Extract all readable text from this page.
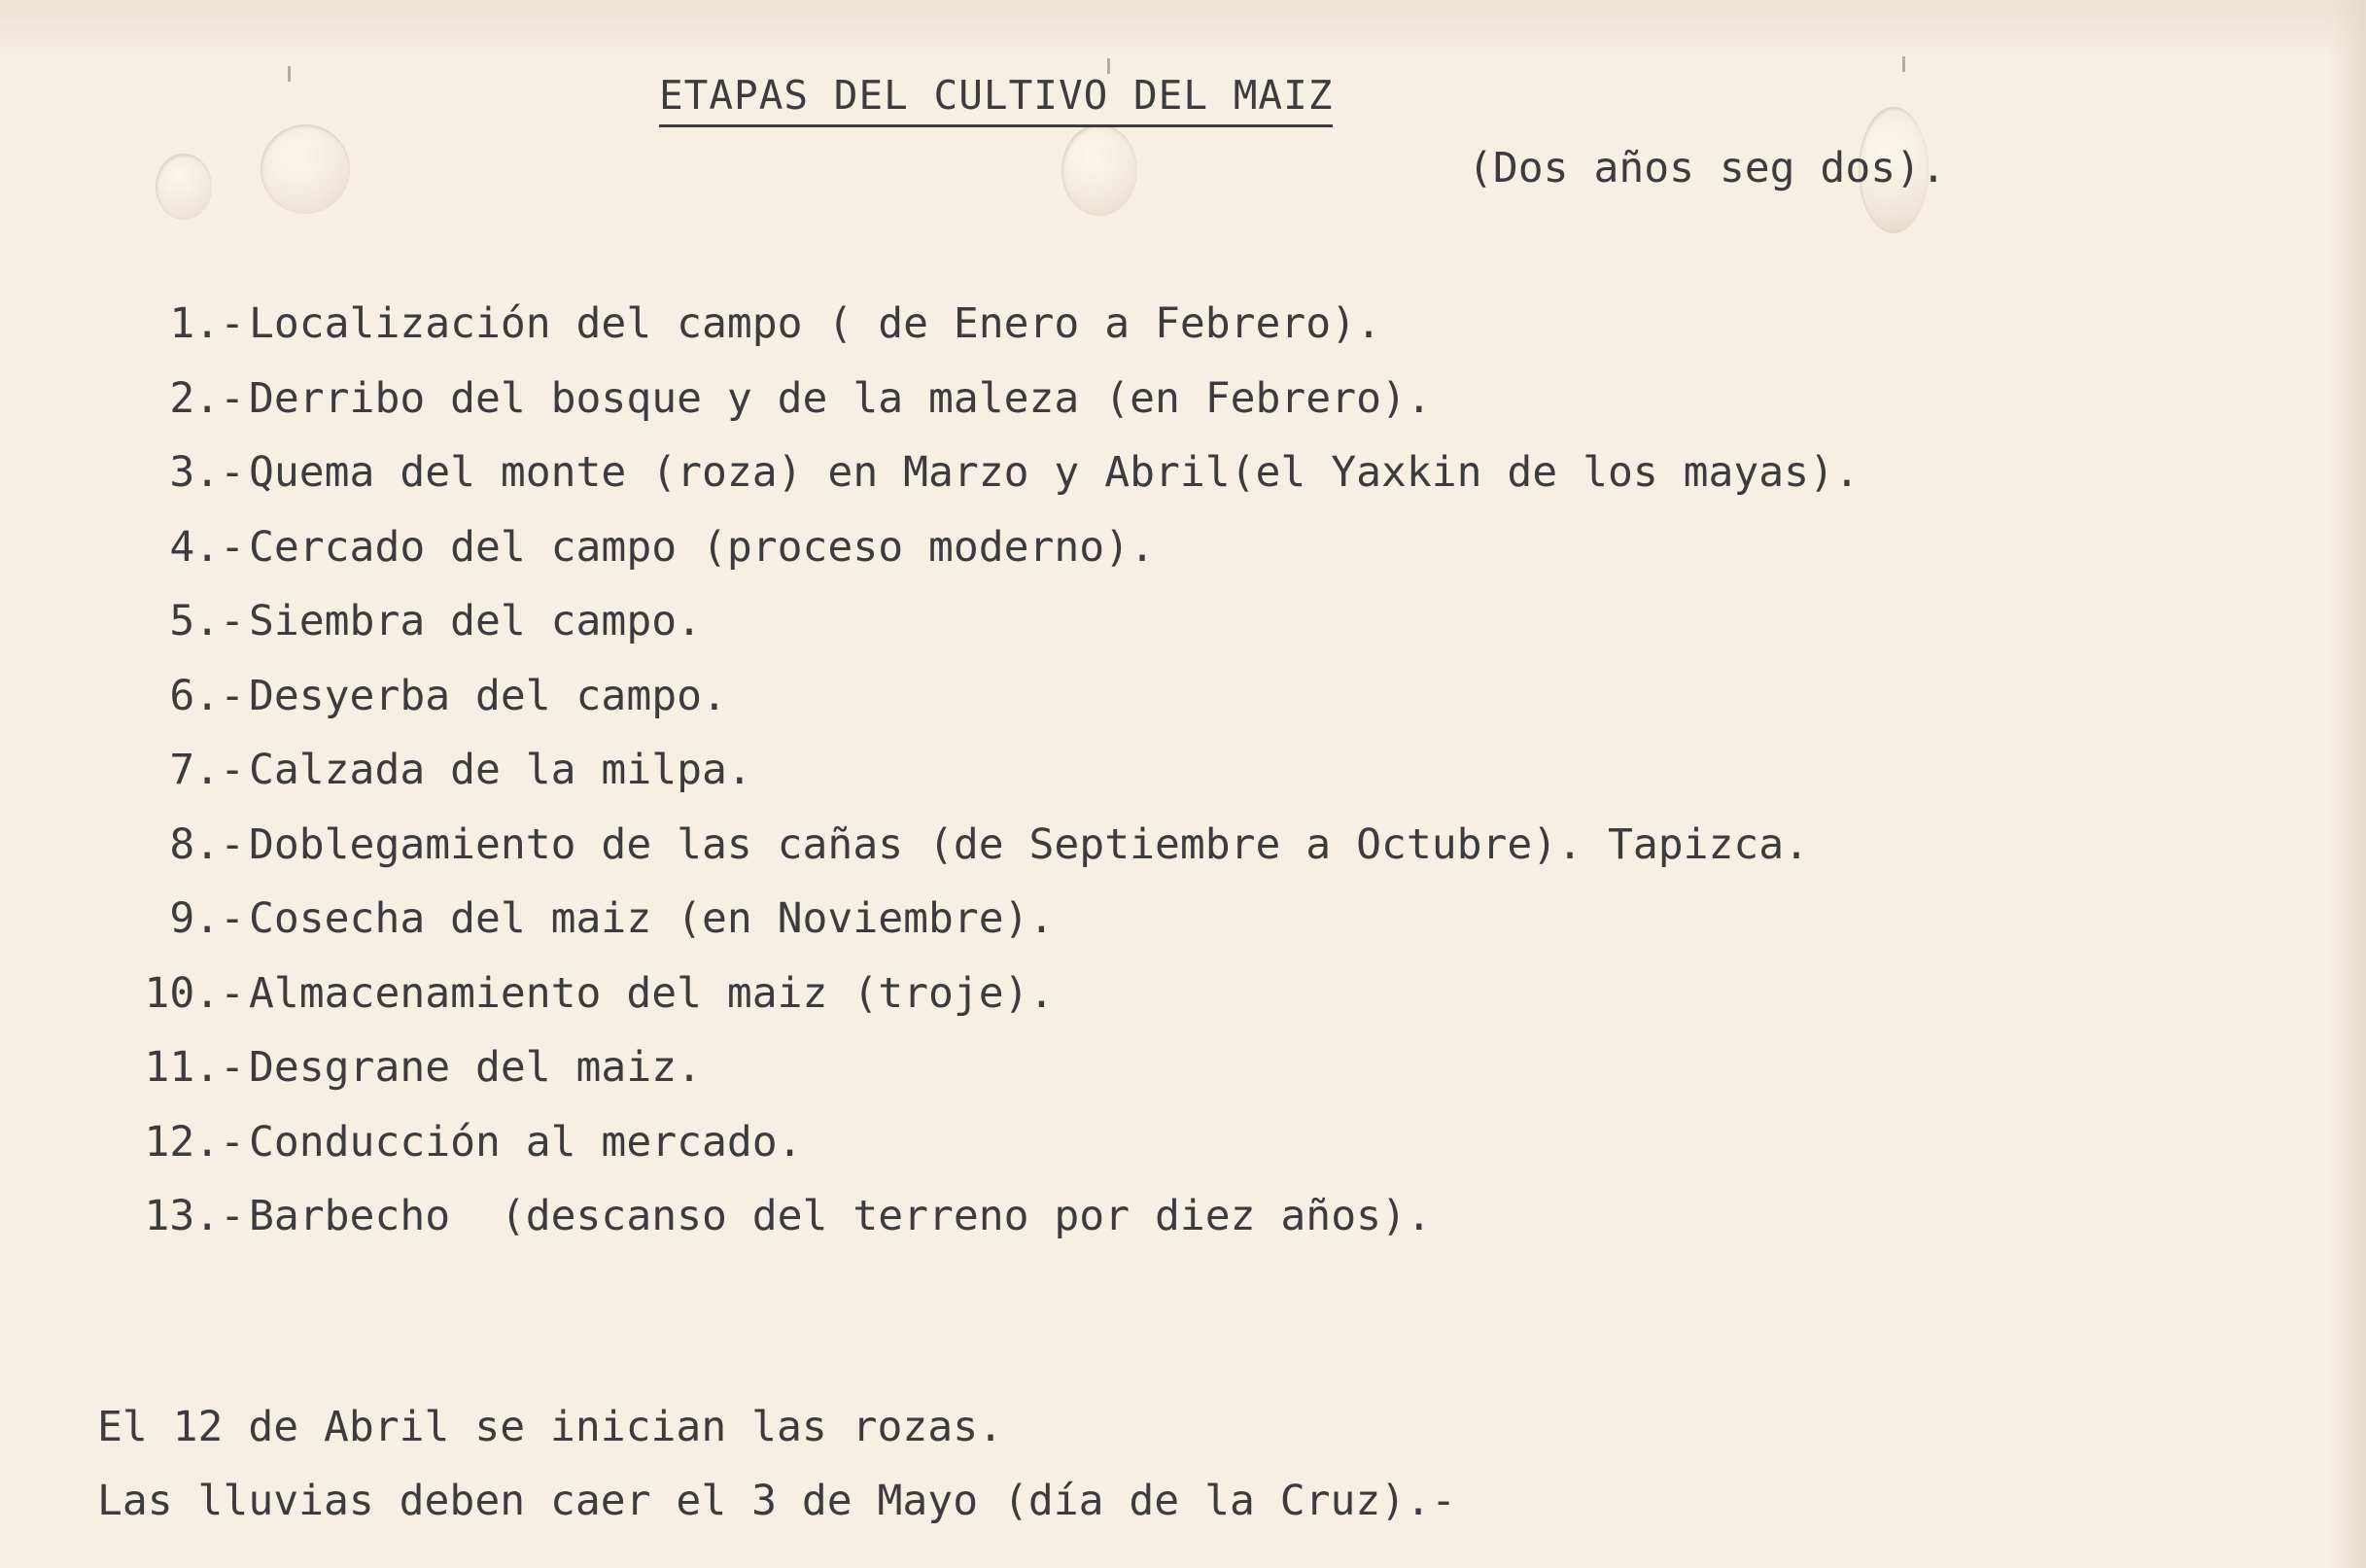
ETAPAS DEL CULTIVO DEL MAIZ
(Dos años seg dos).
1.- Localización del campo ( de Enero a Febrero).
2.- Derribo del bosque y de la maleza (en Febrero).
3.- Quema del monte (roza) en Marzo y Abril(el Yaxkin de los mayas).
4.- Cercado del campo (proceso moderno).
5.- Siembra del campo.
6.- Desyerba del campo.
7.- Calzada de la milpa.
8.- Doblegamiento de las cañas (de Septiembre a Octubre). Tapizca.
9.- Cosecha del maiz (en Noviembre).
10.- Almacenamiento del maiz (troje).
11.- Desgrane del maiz.
12.- Conducción al mercado.
13.- Barbecho  (descanso del terreno por diez años).
El 12 de Abril se inician las rozas.
Las lluvias deben caer el 3 de Mayo (día de la Cruz).-
